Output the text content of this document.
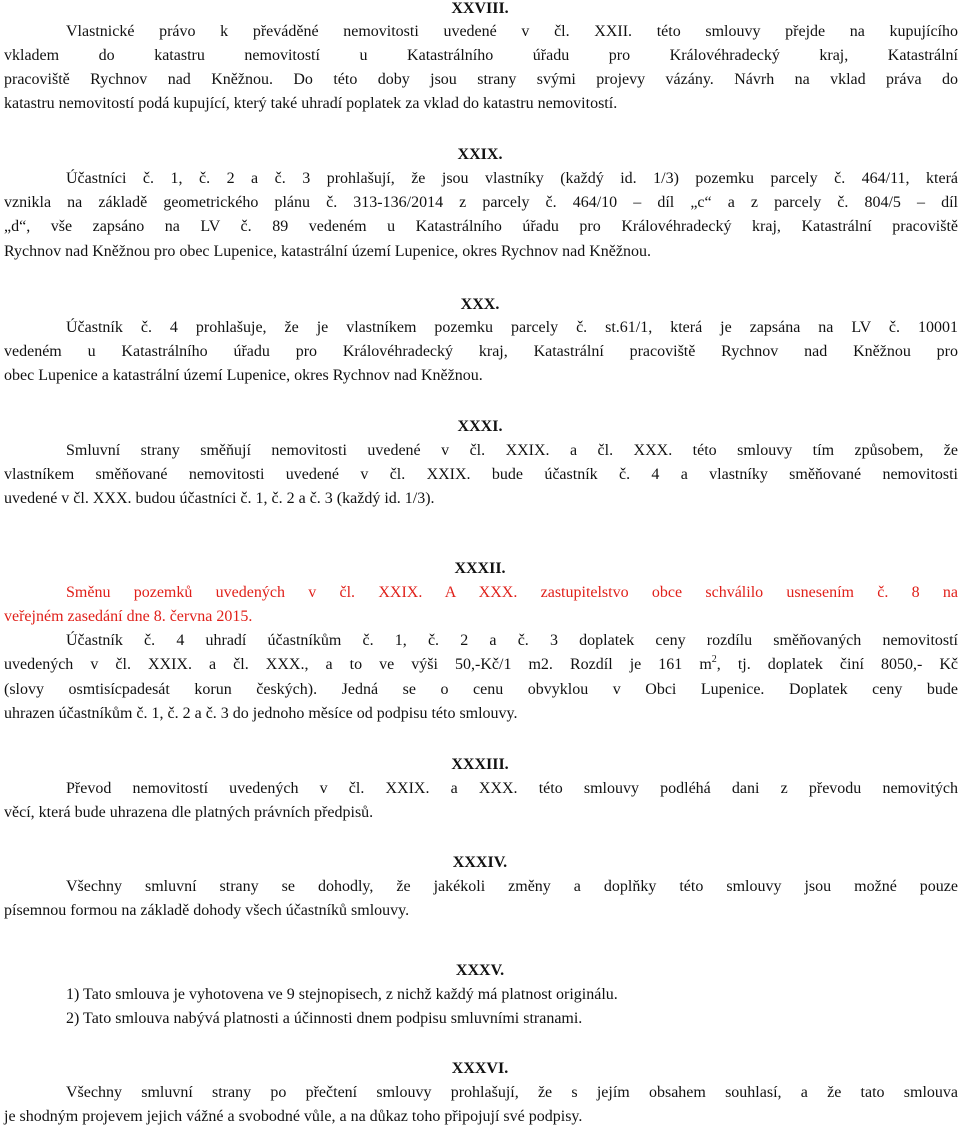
XXVIII.
Vlastnické právo k převáděné nemovitosti uvedené v čl. XXII. této smlouvy přejde na kupujícího
vkladem do katastru nemovitostí u Katastrálního úřadu pro Královéhradecký kraj, Katastrální
pracoviště Rychnov nad Kněžnou. Do této doby jsou strany svými projevy vázány. Návrh na vklad práva do
katastru nemovitostí podá kupující, který také uhradí poplatek za vklad do katastru nemovitostí.
XXIX.
Účastníci č. 1, č. 2 a č. 3 prohlašují, že jsou vlastníky (každý id. 1/3) pozemku parcely č. 464/11, která
vznikla na základě geometrického plánu č. 313-136/2014 z parcely č. 464/10 – díl „c“ a z parcely č. 804/5 – díl
„d“, vše zapsáno na LV č. 89 vedeném u Katastrálního úřadu pro Královéhradecký kraj, Katastrální pracoviště
Rychnov nad Kněžnou pro obec Lupenice, katastrální území Lupenice, okres Rychnov nad Kněžnou.
XXX.
Účastník č. 4 prohlašuje, že je vlastníkem pozemku parcely č. st.61/1, která je zapsána na LV č. 10001
vedeném u Katastrálního úřadu pro Královéhradecký kraj, Katastrální pracoviště Rychnov nad Kněžnou pro
obec Lupenice a katastrální území Lupenice, okres Rychnov nad Kněžnou.
XXXI.
Smluvní strany směňují nemovitosti uvedené v čl. XXIX. a čl. XXX. této smlouvy tím způsobem, že
vlastníkem směňované nemovitosti uvedené v čl. XXIX. bude účastník č. 4 a vlastníky směňované nemovitosti
uvedené v čl. XXX. budou účastníci č. 1, č. 2 a č. 3 (každý id. 1/3).
XXXII.
Směnu pozemků uvedených v čl. XXIX. A XXX. zastupitelstvo obce schválilo usnesením č. 8 na
veřejném zasedání dne 8. června 2015.
Účastník č. 4 uhradí účastníkům č. 1, č. 2 a č. 3 doplatek ceny rozdílu směňovaných nemovitostí
uvedených v čl. XXIX. a čl. XXX., a to ve výši 50,-Kč/1 m2. Rozdíl je 161 $m^2$, tj. doplatek činí 8050,- Kč
(slovy osmtisícpadesát korun českých). Jedná se o cenu obvyklou v Obci Lupenice. Doplatek ceny bude
uhrazen účastníkům č. 1, č. 2 a č. 3 do jednoho měsíce od podpisu této smlouvy.
XXXIII.
Převod nemovitostí uvedených v čl. XXIX. a XXX. této smlouvy podléhá dani z převodu nemovitých
věcí, která bude uhrazena dle platných právních předpisů.
XXXIV.
Všechny smluvní strany se dohodly, že jakékoli změny a doplňky této smlouvy jsou možné pouze
písemnou formou na základě dohody všech účastníků smlouvy.
XXXV.
1) Tato smlouva je vyhotovena ve 9 stejnopisech, z nichž každý má platnost originálu.
2) Tato smlouva nabývá platnosti a účinnosti dnem podpisu smluvními stranami.
XXXVI.
Všechny smluvní strany po přečtení smlouvy prohlašují, že s jejím obsahem souhlasí, a že tato smlouva
je shodným projevem jejich vážné a svobodné vůle, a na důkaz toho připojují své podpisy.
